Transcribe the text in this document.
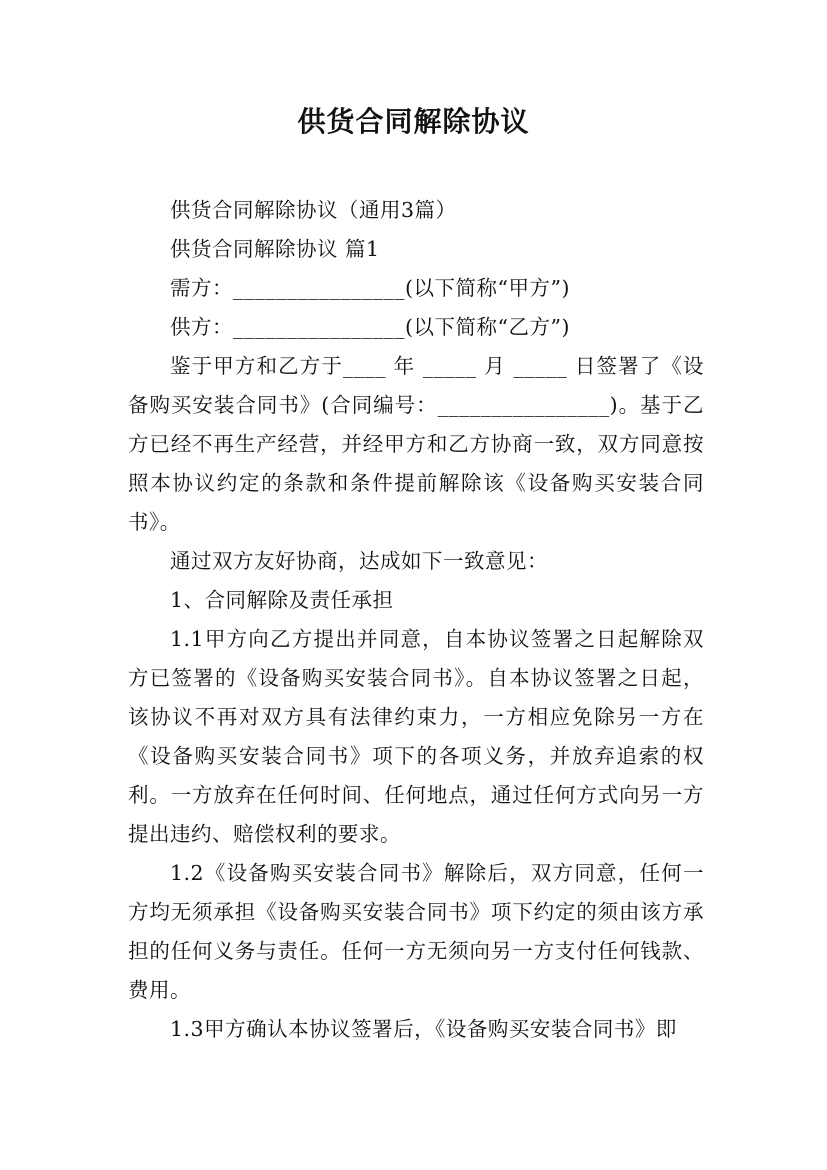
供货合同解除协议

供货合同解除协议（通用3篇）

供货合同解除协议 篇1

需方：________________(以下简称“甲方”)

供方：________________(以下简称“乙方”)

鉴于甲方和乙方于____ 年 _____ 月 _____ 日签署了《设备购买安装合同书》(合同编号：________________)。基于乙方已经不再生产经营，并经甲方和乙方协商一致，双方同意按照本协议约定的条款和条件提前解除该《设备购买安装合同书》。

通过双方友好协商，达成如下一致意见：

1、合同解除及责任承担

1.1甲方向乙方提出并同意，自本协议签署之日起解除双方已签署的《设备购买安装合同书》。自本协议签署之日起，该协议不再对双方具有法律约束力，一方相应免除另一方在《设备购买安装合同书》项下的各项义务，并放弃追索的权利。一方放弃在任何时间、任何地点，通过任何方式向另一方提出违约、赔偿权利的要求。

1.2《设备购买安装合同书》解除后，双方同意，任何一方均无须承担《设备购买安装合同书》项下约定的须由该方承担的任何义务与责任。任何一方无须向另一方支付任何钱款、费用。

1.3甲方确认本协议签署后，《设备购买安装合同书》即
